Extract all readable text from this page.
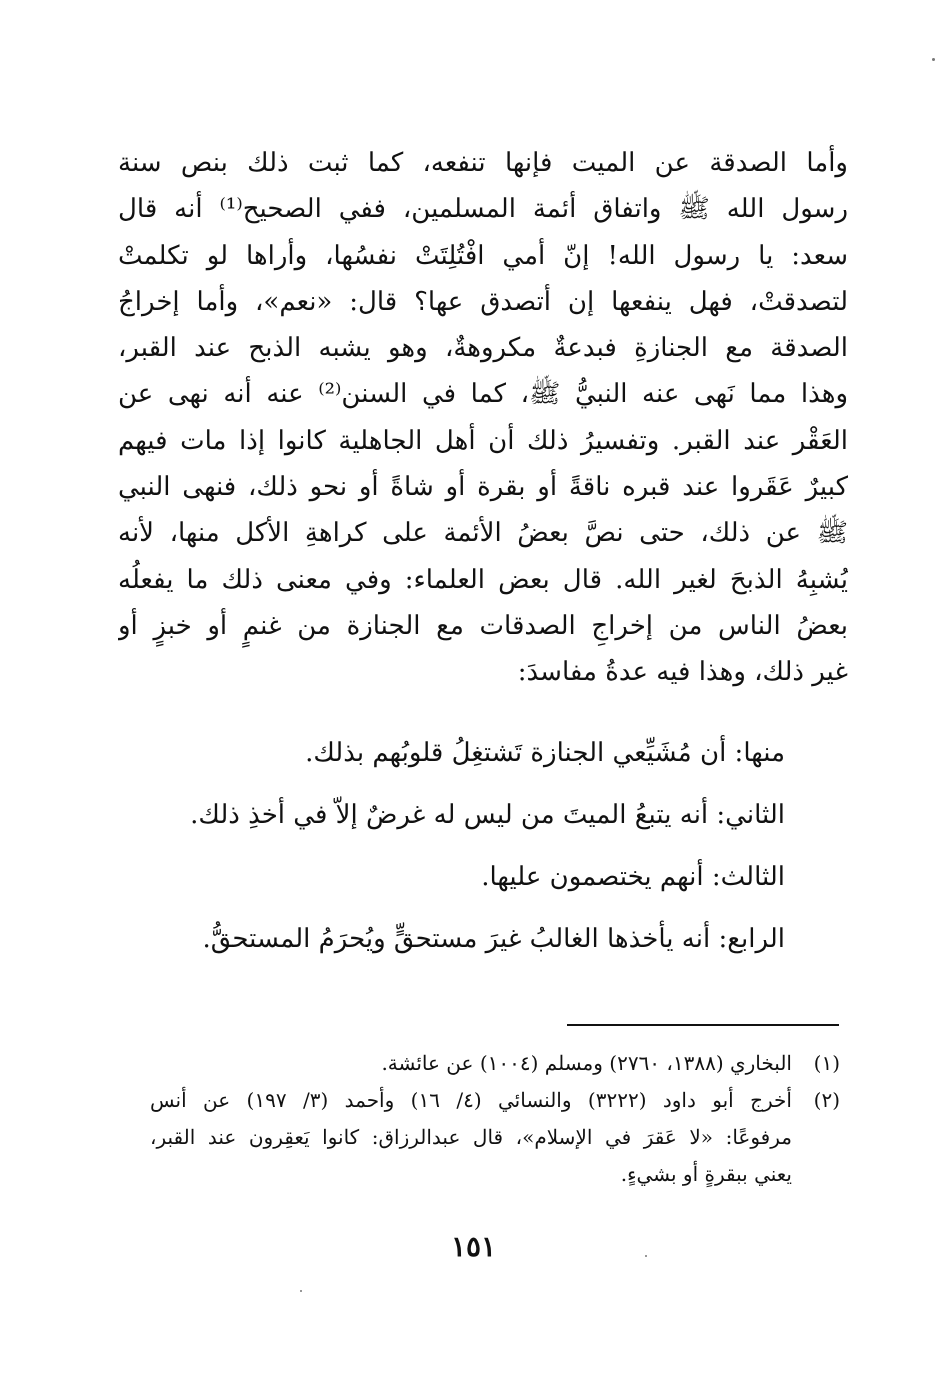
وأما الصدقة عن الميت فإنها تنفعه، كما ثبت ذلك بنص سنة
رسول الله ﷺ واتفاق أئمة المسلمين، ففي الصحيح⁽¹⁾ أنه قال
سعد: يا رسول الله! إنّ أمي افْتُلِتَتْ نفسُها، وأراها لو تكلمتْ
لتصدقتْ، فهل ينفعها إن أتصدق عها؟ قال: «نعم»، وأما إخراجُ
الصدقة مع الجنازةِ فبدعةٌ مكروهةٌ، وهو يشبه الذبح عند القبر،
وهذا مما نَهى عنه النبيُّ ﷺ، كما في السنن⁽²⁾ عنه أنه نهى عن
العَقْر عند القبر. وتفسيرُ ذلك أن أهل الجاهلية كانوا إذا مات فيهم
كبيرٌ عَقَروا عند قبره ناقةً أو بقرة أو شاةً أو نحو ذلك، فنهى النبي
ﷺ عن ذلك، حتى نصَّ بعضُ الأئمة على كراهةِ الأكل منها، لأنه
يُشبِهُ الذبحَ لغير الله. قال بعض العلماء: وفي معنى ذلك ما يفعلُه
بعضُ الناس من إخراجِ الصدقات مع الجنازة من غنمٍ أو خبزٍ أو
غير ذلك، وهذا فيه عدةُ مفاسدَ:
منها: أن مُشَيِّعي الجنازة تَشتغِلُ قلوبُهم بذلك.
الثاني: أنه يتبعُ الميتَ من ليس له غرضٌ إلاّ في أخذِ ذلك.
الثالث: أنهم يختصمون عليها.
الرابع: أنه يأخذها الغالبُ غيرَ مستحقٍّ ويُحرَمُ المستحقُّ.
(١)
البخاري (١٣٨٨، ٢٧٦٠) ومسلم (١٠٠٤) عن عائشة.
(٢)
أخرج أبو داود (٣٢٢٢) والنسائي (٤/ ١٦) وأحمد (٣/ ١٩٧) عن أنس
مرفوعًا: «لا عَقرَ في الإسلام»، قال عبدالرزاق: كانوا يَعقِرون عند القبر،
يعني ببقرةٍ أو بشيءٍ.
١٥١
